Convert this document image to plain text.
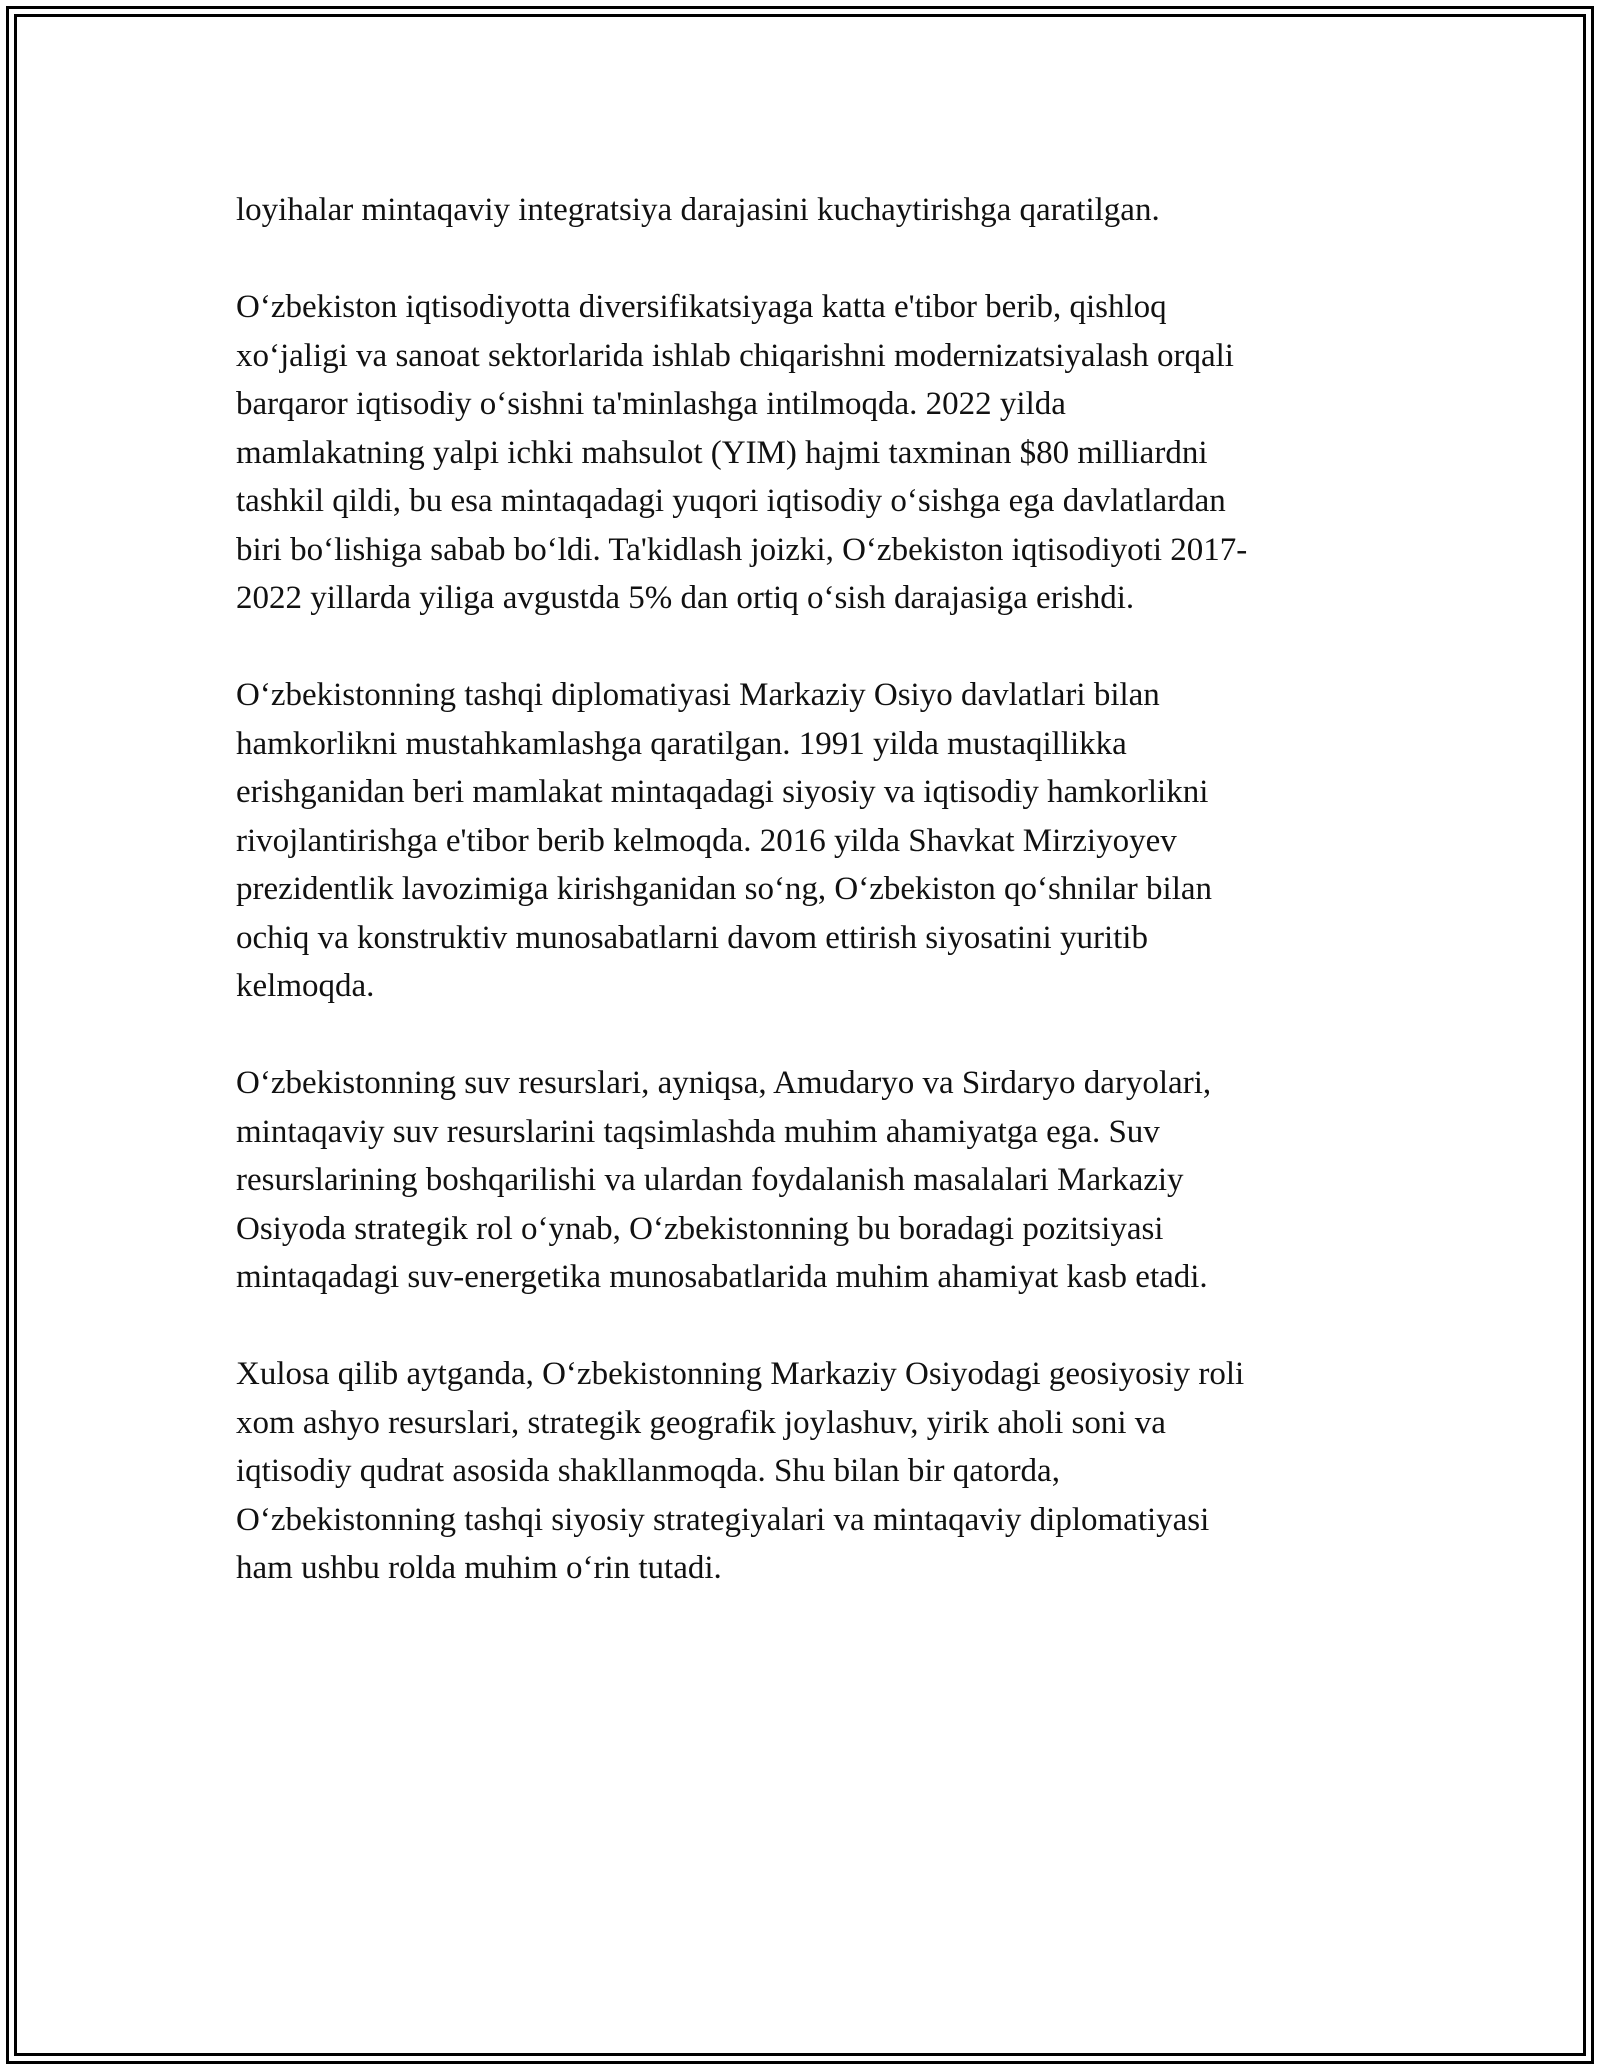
loyihalar mintaqaviy integratsiya darajasini kuchaytirishga qaratilgan.

O‘zbekiston iqtisodiyotta diversifikatsiyaga katta e'tibor berib, qishloq
xo‘jaligi va sanoat sektorlarida ishlab chiqarishni modernizatsiyalash orqali
barqaror iqtisodiy o‘sishni ta'minlashga intilmoqda. 2022 yilda
mamlakatning yalpi ichki mahsulot (YIM) hajmi taxminan $80 milliardni
tashkil qildi, bu esa mintaqadagi yuqori iqtisodiy o‘sishga ega davlatlardan
biri bo‘lishiga sabab bo‘ldi. Ta'kidlash joizki, O‘zbekiston iqtisodiyoti 2017-
2022 yillarda yiliga avgustda 5% dan ortiq o‘sish darajasiga erishdi.

O‘zbekistonning tashqi diplomatiyasi Markaziy Osiyo davlatlari bilan
hamkorlikni mustahkamlashga qaratilgan. 1991 yilda mustaqillikka
erishganidan beri mamlakat mintaqadagi siyosiy va iqtisodiy hamkorlikni
rivojlantirishga e'tibor berib kelmoqda. 2016 yilda Shavkat Mirziyoyev
prezidentlik lavozimiga kirishganidan so‘ng, O‘zbekiston qo‘shnilar bilan
ochiq va konstruktiv munosabatlarni davom ettirish siyosatini yuritib
kelmoqda.

O‘zbekistonning suv resurslari, ayniqsa, Amudaryo va Sirdaryo daryolari,
mintaqaviy suv resurslarini taqsimlashda muhim ahamiyatga ega. Suv
resurslarining boshqarilishi va ulardan foydalanish masalalari Markaziy
Osiyoda strategik rol o‘ynab, O‘zbekistonning bu boradagi pozitsiyasi
mintaqadagi suv-energetika munosabatlarida muhim ahamiyat kasb etadi.

Xulosa qilib aytganda, O‘zbekistonning Markaziy Osiyodagi geosiyosiy roli
xom ashyo resurslari, strategik geografik joylashuv, yirik aholi soni va
iqtisodiy qudrat asosida shakllanmoqda. Shu bilan bir qatorda,
O‘zbekistonning tashqi siyosiy strategiyalari va mintaqaviy diplomatiyasi
ham ushbu rolda muhim o‘rin tutadi.
